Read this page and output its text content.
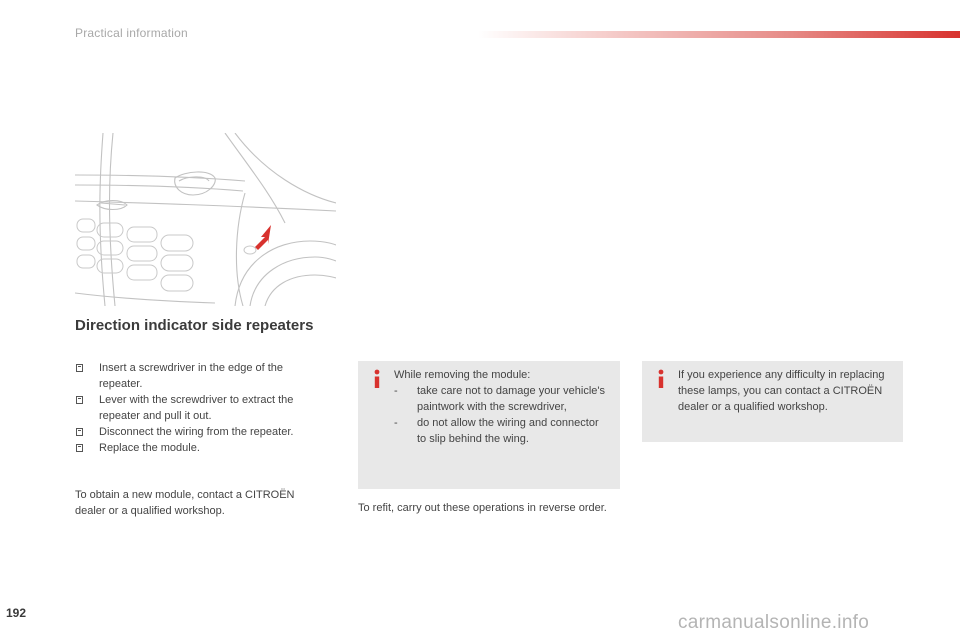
Practical information
Direction indicator side repeaters
Insert a screwdriver in the edge of the repeater.
Lever with the screwdriver to extract the repeater and pull it out.
Disconnect the wiring from the repeater.
Replace the module.
To obtain a new module, contact a CITROËN dealer or a qualified workshop.
While removing the module:
- take care not to damage your vehicle's paintwork with the screwdriver,
- do not allow the wiring and connector to slip behind the wing.
To refit, carry out these operations in reverse order.
If you experience any difficulty in replacing these lamps, you can contact a CITROËN dealer or a qualified workshop.
192	carmanualsonline.info
